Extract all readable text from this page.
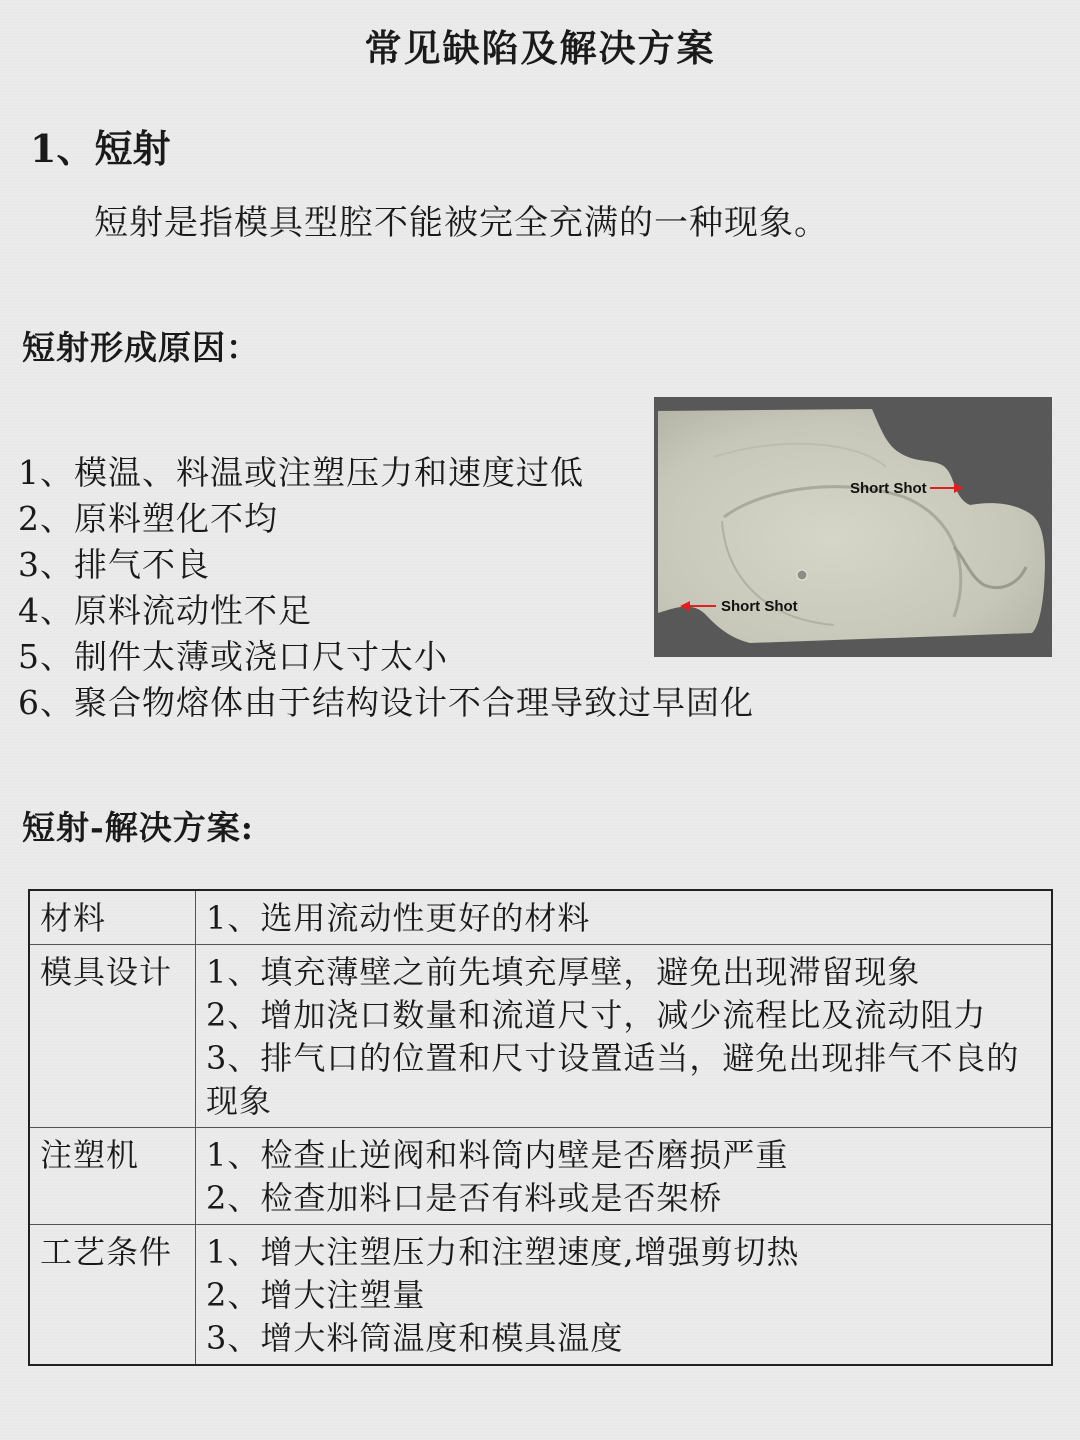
常见缺陷及解决方案
1、短射
短射是指模具型腔不能被完全充满的一种现象。
短射形成原因：
1、模温、料温或注塑压力和速度过低
2、原料塑化不均
3、排气不良
4、原料流动性不足
5、制件太薄或浇口尺寸太小
6、聚合物熔体由于结构设计不合理导致过早固化
Short Shot
Short Shot
短射-解决方案:
材料	1、选用流动性更好的材料

模具设计	1、填充薄壁之前先填充厚壁，避免出现滞留现象
2、增加浇口数量和流道尺寸，减少流程比及流动阻力
3、排气口的位置和尺寸设置适当，避免出现排气不良的现象

注塑机	1、检查止逆阀和料筒内壁是否磨损严重
2、检查加料口是否有料或是否架桥

工艺条件	1、增大注塑压力和注塑速度,增强剪切热
2、增大注塑量
3、增大料筒温度和模具温度
